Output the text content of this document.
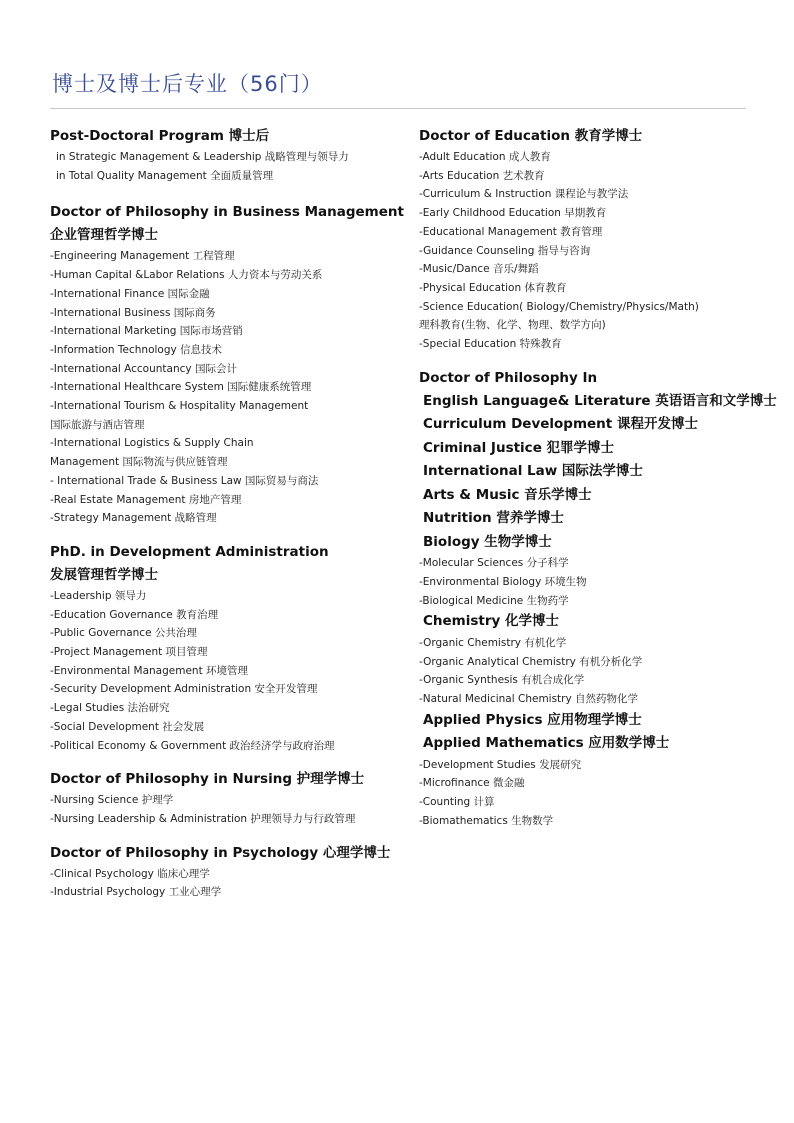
博士及博士后专业（56门）
Post-Doctoral Program 博士后
in Strategic Management & Leadership 战略管理与领导力
in Total Quality Management 全面质量管理
Doctor of Philosophy in Business Management
企业管理哲学博士
-Engineering Management 工程管理
-Human Capital &Labor Relations 人力资本与劳动关系
-International Finance 国际金融
-International Business 国际商务
-International Marketing 国际市场营销
-Information Technology 信息技术
-International Accountancy 国际会计
-International Healthcare System 国际健康系统管理
-International Tourism & Hospitality Management
国际旅游与酒店管理
-International Logistics & Supply Chain
Management 国际物流与供应链管理
- International Trade & Business Law 国际贸易与商法
-Real Estate Management 房地产管理
-Strategy Management 战略管理
PhD. in Development Administration
发展管理哲学博士
-Leadership 领导力
-Education Governance 教育治理
-Public Governance 公共治理
-Project Management 项目管理
-Environmental Management 环境管理
-Security Development Administration 安全开发管理
-Legal Studies 法治研究
-Social Development 社会发展
-Political Economy & Government 政治经济学与政府治理
Doctor of Philosophy in Nursing 护理学博士
-Nursing Science 护理学
-Nursing Leadership & Administration 护理领导力与行政管理
Doctor of Philosophy in Psychology 心理学博士
-Clinical Psychology 临床心理学
-Industrial Psychology 工业心理学
Doctor of Education 教育学博士
-Adult Education 成人教育
-Arts Education 艺术教育
-Curriculum & Instruction 课程论与教学法
-Early Childhood Education 早期教育
-Educational Management 教育管理
-Guidance Counseling 指导与咨询
-Music/Dance 音乐/舞蹈
-Physical Education 体育教育
-Science Education( Biology/Chemistry/Physics/Math)
理科教育(生物、化学、物理、数学方向)
-Special Education 特殊教育
Doctor of Philosophy In
English Language& Literature 英语语言和文学博士
Curriculum Development 课程开发博士
Criminal Justice 犯罪学博士
International Law 国际法学博士
Arts & Music 音乐学博士
Nutrition 营养学博士
Biology 生物学博士
-Molecular Sciences 分子科学
-Environmental Biology 环境生物
-Biological Medicine 生物药学
Chemistry 化学博士
-Organic Chemistry 有机化学
-Organic Analytical Chemistry 有机分析化学
-Organic Synthesis 有机合成化学
-Natural Medicinal Chemistry 自然药物化学
Applied Physics 应用物理学博士
Applied Mathematics 应用数学博士
-Development Studies 发展研究
-Microfinance 微金融
-Counting 计算
-Biomathematics 生物数学
